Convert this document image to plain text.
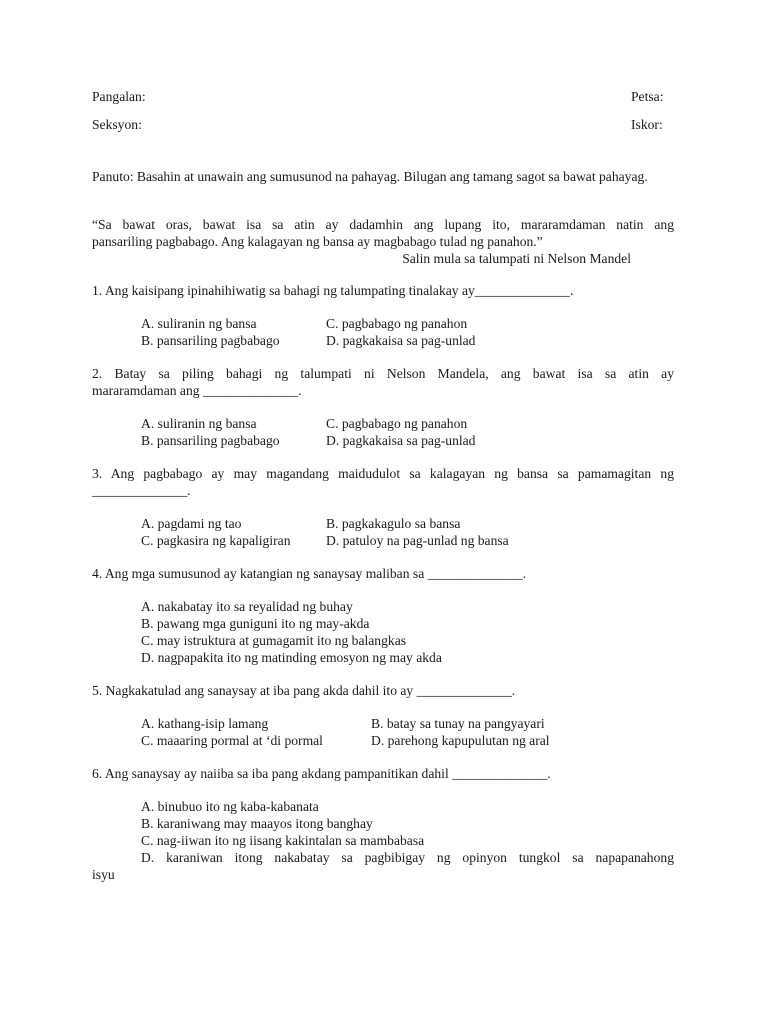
Pangalan:	Petsa:
Seksyon:	Iskor:
Panuto: Basahin at unawain ang sumusunod na pahayag. Bilugan ang tamang sagot sa bawat pahayag.
“Sa bawat oras, bawat isa sa atin ay dadamhin ang lupang ito, mararamdaman natin ang
pansariling pagbabago. Ang kalagayan ng bansa ay magbabago tulad ng panahon.”
Salin mula sa talumpati ni Nelson Mandel
1. Ang kaisipang ipinahihiwatig sa bahagi ng talumpating tinalakay ay______________.
A. suliranin ng bansa	C. pagbabago ng panahon
B. pansariling pagbabago	D. pagkakaisa sa pag-unlad
2. Batay sa piling bahagi ng talumpati ni Nelson Mandela, ang bawat isa sa atin ay
mararamdaman ang ______________.
A. suliranin ng bansa	C. pagbabago ng panahon
B. pansariling pagbabago	D. pagkakaisa sa pag-unlad
3. Ang pagbabago ay may magandang maidudulot sa kalagayan ng bansa sa pamamagitan ng
______________.
A. pagdami ng tao	B. pagkakagulo sa bansa
C. pagkasira ng kapaligiran	D. patuloy na pag-unlad ng bansa
4. Ang mga sumusunod ay katangian ng sanaysay maliban sa ______________.
A. nakabatay ito sa reyalidad ng buhay
B. pawang mga guniguni ito ng may-akda
C. may istruktura at gumagamit ito ng balangkas
D. nagpapakita ito ng matinding emosyon ng may akda
5. Nagkakatulad ang sanaysay at iba pang akda dahil ito ay ______________.
A. kathang-isip lamang	B. batay sa tunay na pangyayari
C. maaaring pormal at ‘di pormal	D. parehong kapupulutan ng aral
6. Ang sanaysay ay naiiba sa iba pang akdang pampanitikan dahil ______________.
A. binubuo ito ng kaba-kabanata
B. karaniwang may maayos itong banghay
C. nag-iiwan ito ng iisang kakintalan sa mambabasa
D. karaniwan itong nakabatay sa pagbibigay ng opinyon tungkol sa napapanahong
isyu
